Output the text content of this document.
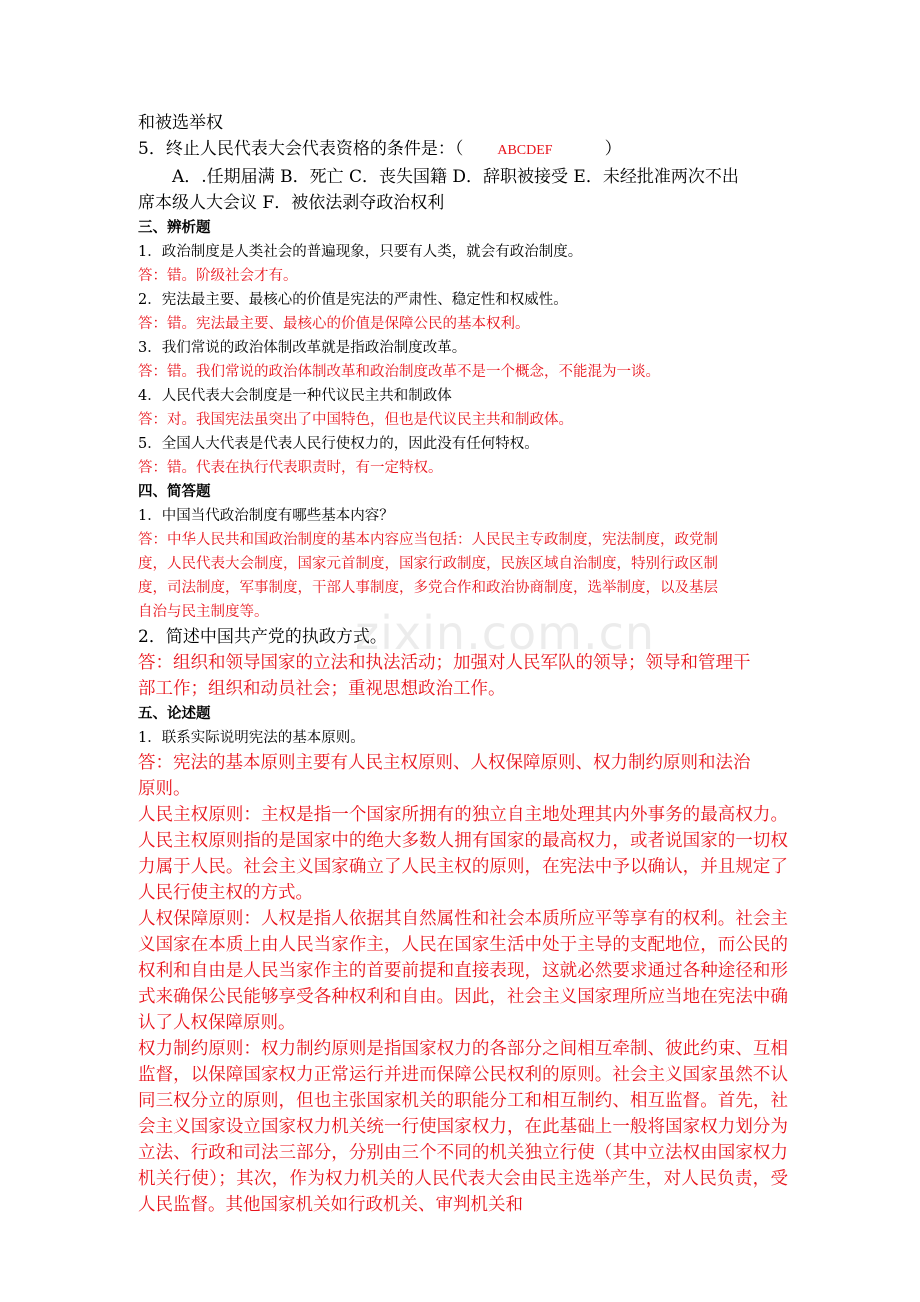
zixin.com.cn
和被选举权
5．终止人民代表大会代表资格的条件是：（ ABCDEF	）
A．.任期届满 B．死亡 C．丧失国籍 D．辞职被接受 E．未经批准两次不出
席本级人大会议 F．被依法剥夺政治权利
三、辨析题
1．政治制度是人类社会的普遍现象，只要有人类，就会有政治制度。
答：错。阶级社会才有。
2．宪法最主要、最核心的价值是宪法的严肃性、稳定性和权威性。
答：错。宪法最主要、最核心的价值是保障公民的基本权利。
3．我们常说的政治体制改革就是指政治制度改革。
答：错。我们常说的政治体制改革和政治制度改革不是一个概念，不能混为一谈。
4．人民代表大会制度是一种代议民主共和制政体
答：对。我国宪法虽突出了中国特色，但也是代议民主共和制政体。
5．全国人大代表是代表人民行使权力的，因此没有任何特权。
答：错。代表在执行代表职责时，有一定特权。
四、简答题
1．中国当代政治制度有哪些基本内容？
答：中华人民共和国政治制度的基本内容应当包括：人民民主专政制度，宪法制度，政党制
度，人民代表大会制度，国家元首制度，国家行政制度，民族区域自治制度，特别行政区制
度，司法制度，军事制度，干部人事制度，多党合作和政治协商制度，选举制度，以及基层
自治与民主制度等。
2．简述中国共产党的执政方式。
答：组织和领导国家的立法和执法活动；加强对人民军队的领导；领导和管理干
部工作；组织和动员社会；重视思想政治工作。
五、论述题
1．联系实际说明宪法的基本原则。
答：宪法的基本原则主要有人民主权原则、人权保障原则、权力制约原则和法治
原则。
人民主权原则：主权是指一个国家所拥有的独立自主地处理其内外事务的最高权力。人民主权原则指的是国家中的绝大多数人拥有国家的最高权力，或者说国家的一切权力属于人民。社会主义国家确立了人民主权的原则，在宪法中予以确认，并且规定了人民行使主权的方式。
人权保障原则：人权是指人依据其自然属性和社会本质所应平等享有的权利。社会主义国家在本质上由人民当家作主，人民在国家生活中处于主导的支配地位，而公民的权利和自由是人民当家作主的首要前提和直接表现，这就必然要求通过各种途径和形式来确保公民能够享受各种权利和自由。因此，社会主义国家理所应当地在宪法中确认了人权保障原则。
权力制约原则：权力制约原则是指国家权力的各部分之间相互牵制、彼此约束、互相监督，以保障国家权力正常运行并进而保障公民权利的原则。社会主义国家虽然不认同三权分立的原则，但也主张国家机关的职能分工和相互制约、相互监督。首先，社会主义国家设立国家权力机关统一行使国家权力，在此基础上一般将国家权力划分为立法、行政和司法三部分，分别由三个不同的机关独立行使（其中立法权由国家权力机关行使）；其次，作为权力机关的人民代表大会由民主选举产生，对人民负责，受人民监督。其他国家机关如行政机关、审判机关和
